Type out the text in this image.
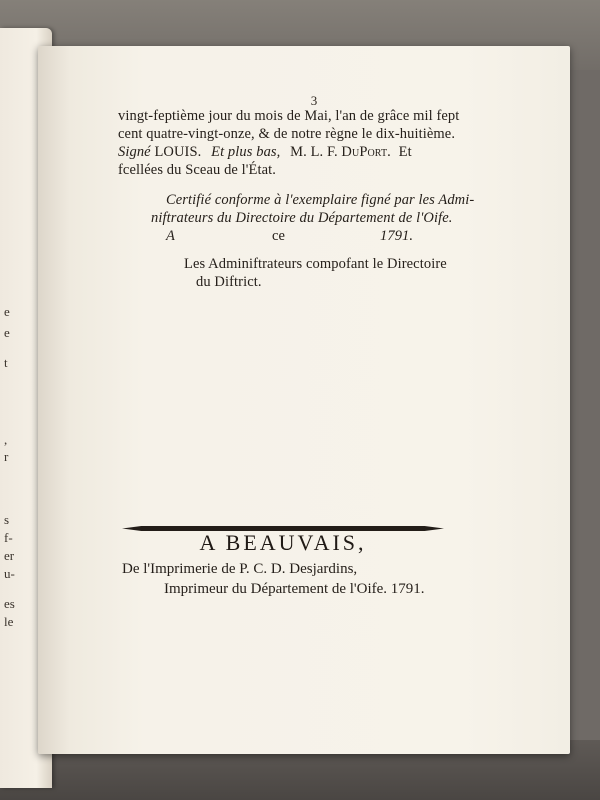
e
e
t
,
r
s
f-
er
u-
es
le
3
vingt-feptième jour du mois de Mai, l'an de grâce mil fept
cent quatre-vingt-onze, & de notre règne le dix-huitième.
Signé LOUIS. Et plus bas, M. L. F. DuPort. Et
fcellées du Sceau de l'État.
Certifié conforme à l'exemplaire figné par les Admi-
niftrateurs du Directoire du Département de l'Oife.
A	ce	1791.
Les Adminiftrateurs compofant le Directoire
du Diftrict.
A BEAUVAIS,
De l'Imprimerie de P. C. D. Desjardins,
Imprimeur du Département de l'Oife. 1791.
